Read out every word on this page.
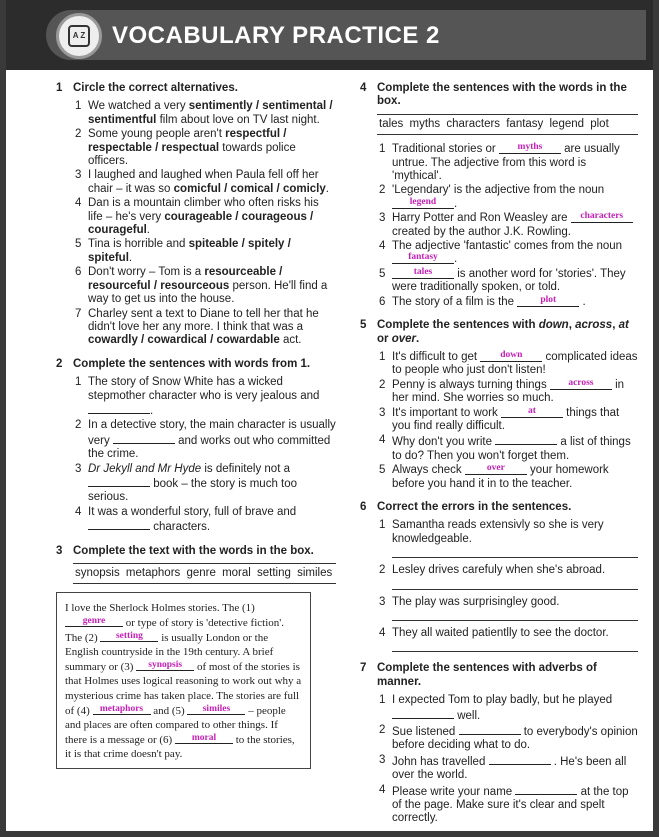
A Z VOCABULARY PRACTICE 2
1 Circle the correct alternatives.
1 We watched a very sentimently / sentimental / sentimentful film about love on TV last night.
2 Some young people aren't respectful / respectable / respectual towards police officers.
3 I laughed and laughed when Paula fell off her chair – it was so comicful / comical / comicly.
4 Dan is a mountain climber who often risks his life – he's very courageable / courageous / courageful.
5 Tina is horrible and spiteable / spitely / spiteful.
6 Don't worry – Tom is a resourceable / resourceful / resourceous person. He'll find a way to get us into the house.
7 Charley sent a text to Diane to tell her that he didn't love her any more. I think that was a cowardly / cowardical / cowardable act.
2 Complete the sentences with words from 1.
1 The story of Snow White has a wicked stepmother character who is very jealous and .
2 In a detective story, the main character is usually very	and works out who committed the crime.
3 Dr Jekyll and Mr Hyde is definitely not a  book – the story is much too serious.
4 It was a wonderful story, full of brave and  characters.
3 Complete the text with the words in the box.
synopsis metaphors genre moral setting similes
I love the Sherlock Holmes stories. The (1) genre or type of story is 'detective fiction'. The (2) setting is usually London or the English countryside in the 19th century. A brief summary or (3) synopsis of most of the stories is that Holmes uses logical reasoning to work out why a mysterious crime has taken place. The stories are full of (4) metaphors and (5) similes – people and places are often compared to other things. If there is a message or (6) moral to the stories, it is that crime doesn't pay.
4 Complete the sentences with the words in the box.
tales myths characters fantasy legend plot
1 Traditional stories or $^{myths}$ are usually untrue. The adjective from this word is 'mythical'.
2 'Legendary' is the adjective from the noun $^{legend}$ .
3 Harry Potter and Ron Weasley are $^{characters}$ created by the author J.K. Rowling.
4 The adjective 'fantastic' comes from the noun $^{fantasy}$ .
5	$^{tales}$ is another word for 'stories'. They were traditionally spoken, or told.
6 The story of a film is the $^{plot}$ .
5 Complete the sentences with down, across, at or over.
1 It's difficult to get $^{down}$ complicated ideas to people who just don't listen!
2 Penny is always turning things $^{across}$ in her mind. She worries so much.
3 It's important to work	$^{at}$ things that you find really difficult.
4 Why don't you write	a list of things to do? Then you won't forget them.
5 Always check $^{over}$ your homework before you hand it in to the teacher.
6 Correct the errors in the sentences.
1 Samantha reads extensivly so she is very knowledgeable.
2 Lesley drives carefuly when she's abroad.
3 The play was surprisingley good.
4 They all waited patientlly to see the doctor.
7 Complete the sentences with adverbs of manner.
1 I expected Tom to play badly, but he played  well.
2 Sue listened	to everybody's opinion before deciding what to do.
3 John has travelled	. He's been all over the world.
4 Please write your name	at the top of the page. Make sure it's clear and spelt correctly.
